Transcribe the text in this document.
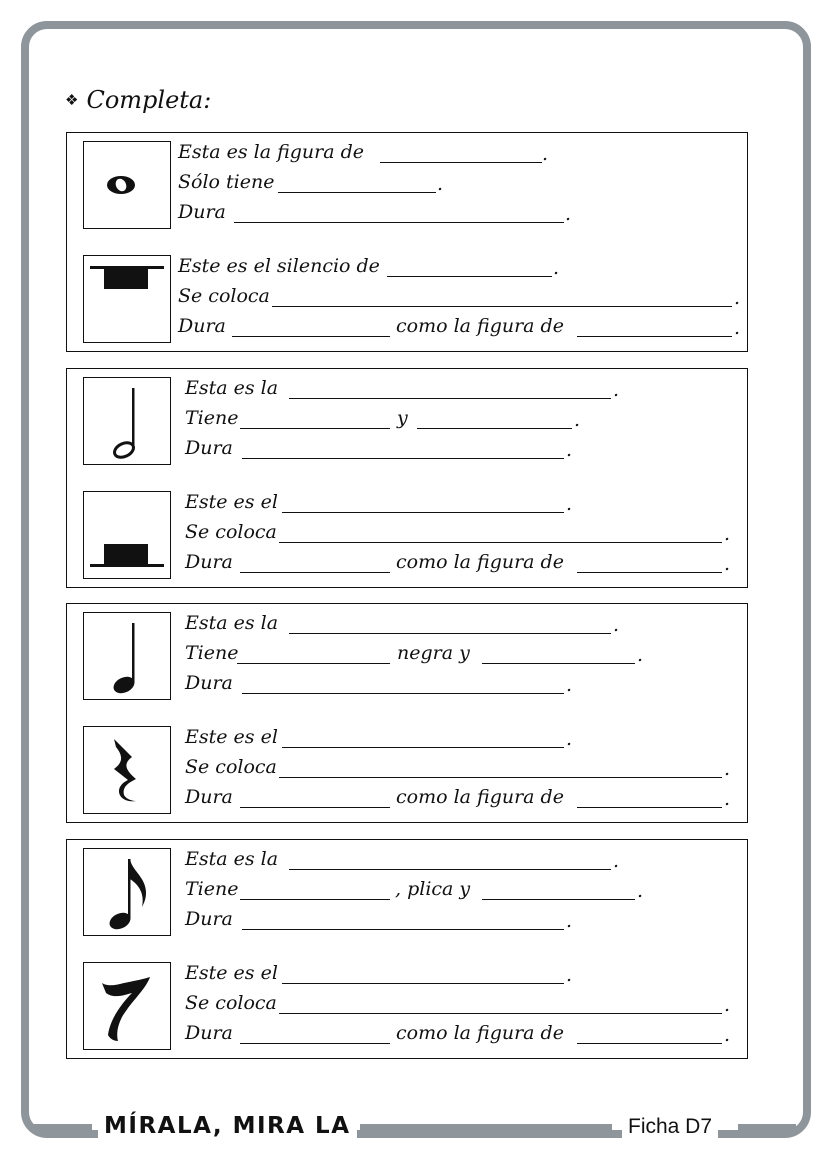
❖ Completa:
Esta es la figura de	.
Sólo tiene	.
Dura	.
Este es el silencio de	.
Se coloca	.
Dura	como la figura de	.
Esta es la	.
Tiene	y	.
Dura	.
Este es el	.
Se coloca	.
Dura	como la figura de	.
Esta es la	.
Tiene	negra y	.
Dura	.
Este es el	.
Se coloca	.
Dura	como la figura de	.
Esta es la	.
Tiene	, plica y	.
Dura	.
Este es el	.
Se coloca	.
Dura	como la figura de	.
MÍRALA, MIRA LA	Ficha D7
